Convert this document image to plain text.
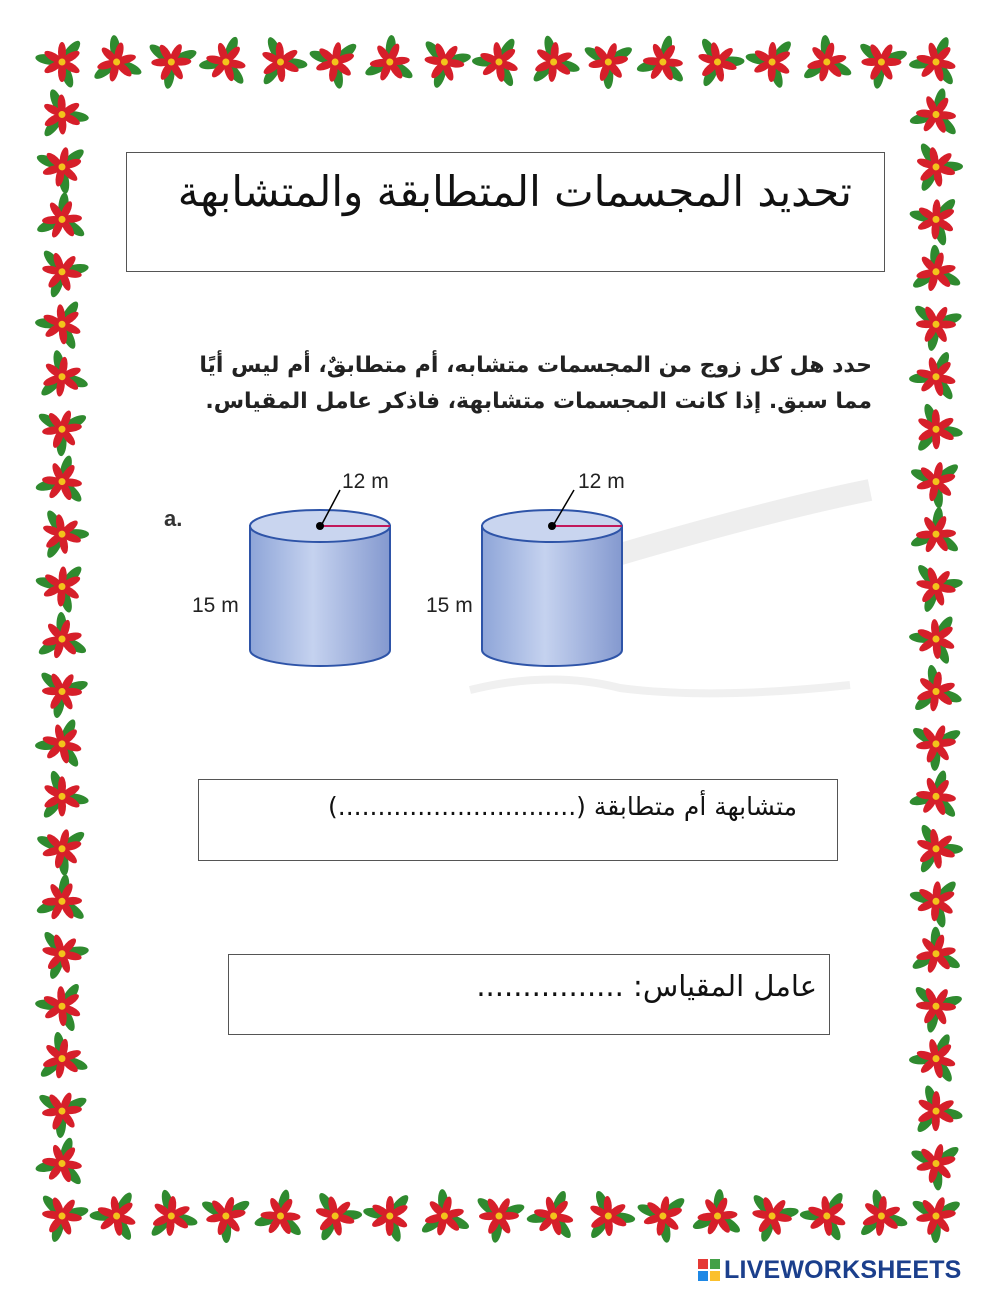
تحديد المجسمات المتطابقة والمتشابهة
حدد هل كل زوج من المجسمات متشابه، أم متطابقٌ، أم ليس أيًا مما سبق. إذا كانت المجسمات متشابهة، فاذكر عامل المقياس.
a.
12 m
15 m
12 m
15 m
متشابهة أم متطابقة (..............................)
عامل المقياس: ................
LIVEWORKSHEETS
